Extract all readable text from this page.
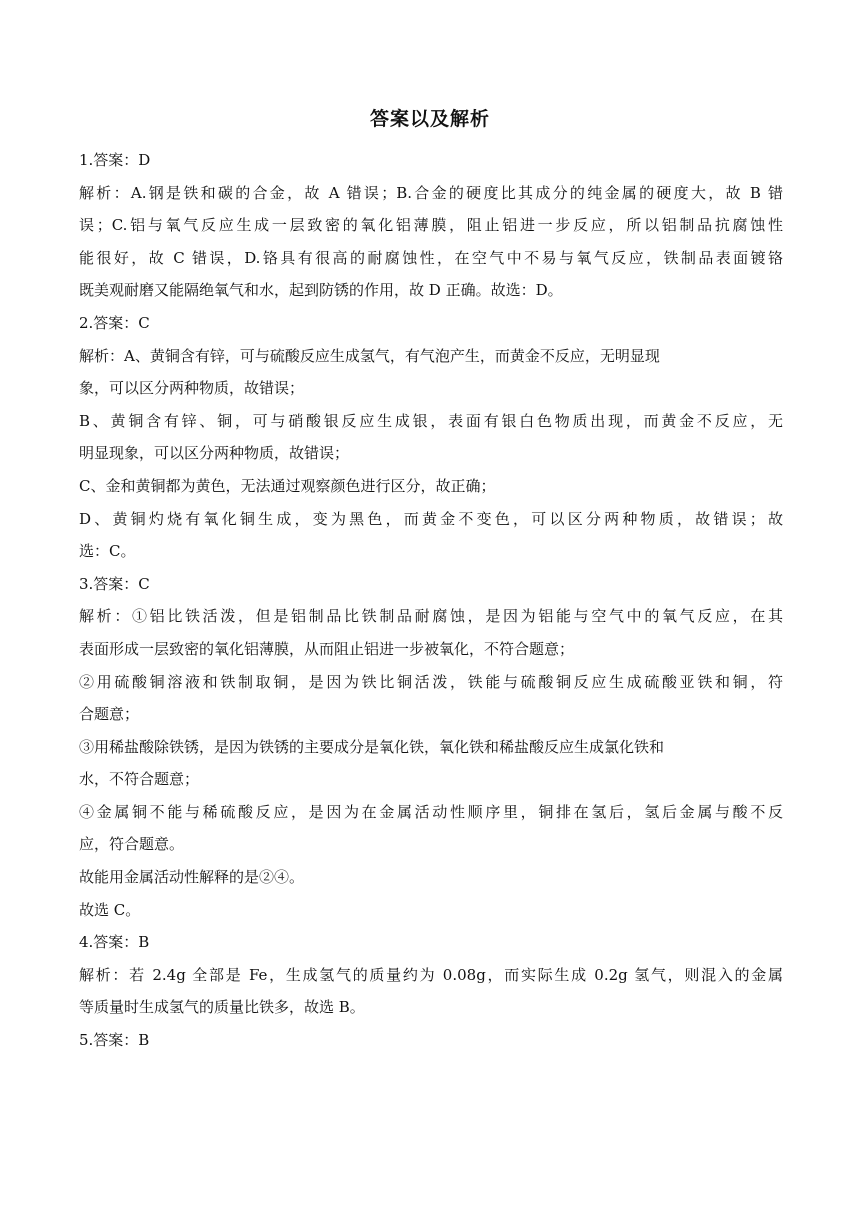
答案以及解析
1.答案：D
解析：A.钢是铁和碳的合金，故 A 错误；B.合金的硬度比其成分的纯金属的硬度大，故 B 错
误；C.铝与氧气反应生成一层致密的氧化铝薄膜，阻止铝进一步反应，所以铝制品抗腐蚀性
能很好，故 C 错误，D.铬具有很高的耐腐蚀性，在空气中不易与氧气反应，铁制品表面镀铬
既美观耐磨又能隔绝氧气和水，起到防锈的作用，故 D 正确。故选：D。
2.答案：C
解析：A、黄铜含有锌，可与硫酸反应生成氢气，有气泡产生，而黄金不反应，无明显现
象，可以区分两种物质，故错误；
B、黄铜含有锌、铜，可与硝酸银反应生成银，表面有银白色物质出现，而黄金不反应，无
明显现象，可以区分两种物质，故错误；
C、金和黄铜都为黄色，无法通过观察颜色进行区分，故正确；
D、黄铜灼烧有氧化铜生成，变为黑色，而黄金不变色，可以区分两种物质，故错误；故
选：C。
3.答案：C
解析：①铝比铁活泼，但是铝制品比铁制品耐腐蚀，是因为铝能与空气中的氧气反应，在其
表面形成一层致密的氧化铝薄膜，从而阻止铝进一步被氧化，不符合题意；
②用硫酸铜溶液和铁制取铜，是因为铁比铜活泼，铁能与硫酸铜反应生成硫酸亚铁和铜，符
合题意；
③用稀盐酸除铁锈，是因为铁锈的主要成分是氧化铁，氧化铁和稀盐酸反应生成氯化铁和
水，不符合题意；
④金属铜不能与稀硫酸反应，是因为在金属活动性顺序里，铜排在氢后，氢后金属与酸不反
应，符合题意。
故能用金属活动性解释的是②④。
故选 C。
4.答案：B
解析：若 2.4g 全部是 Fe，生成氢气的质量约为 0.08g，而实际生成 0.2g 氢气，则混入的金属
等质量时生成氢气的质量比铁多，故选 B。
5.答案：B
